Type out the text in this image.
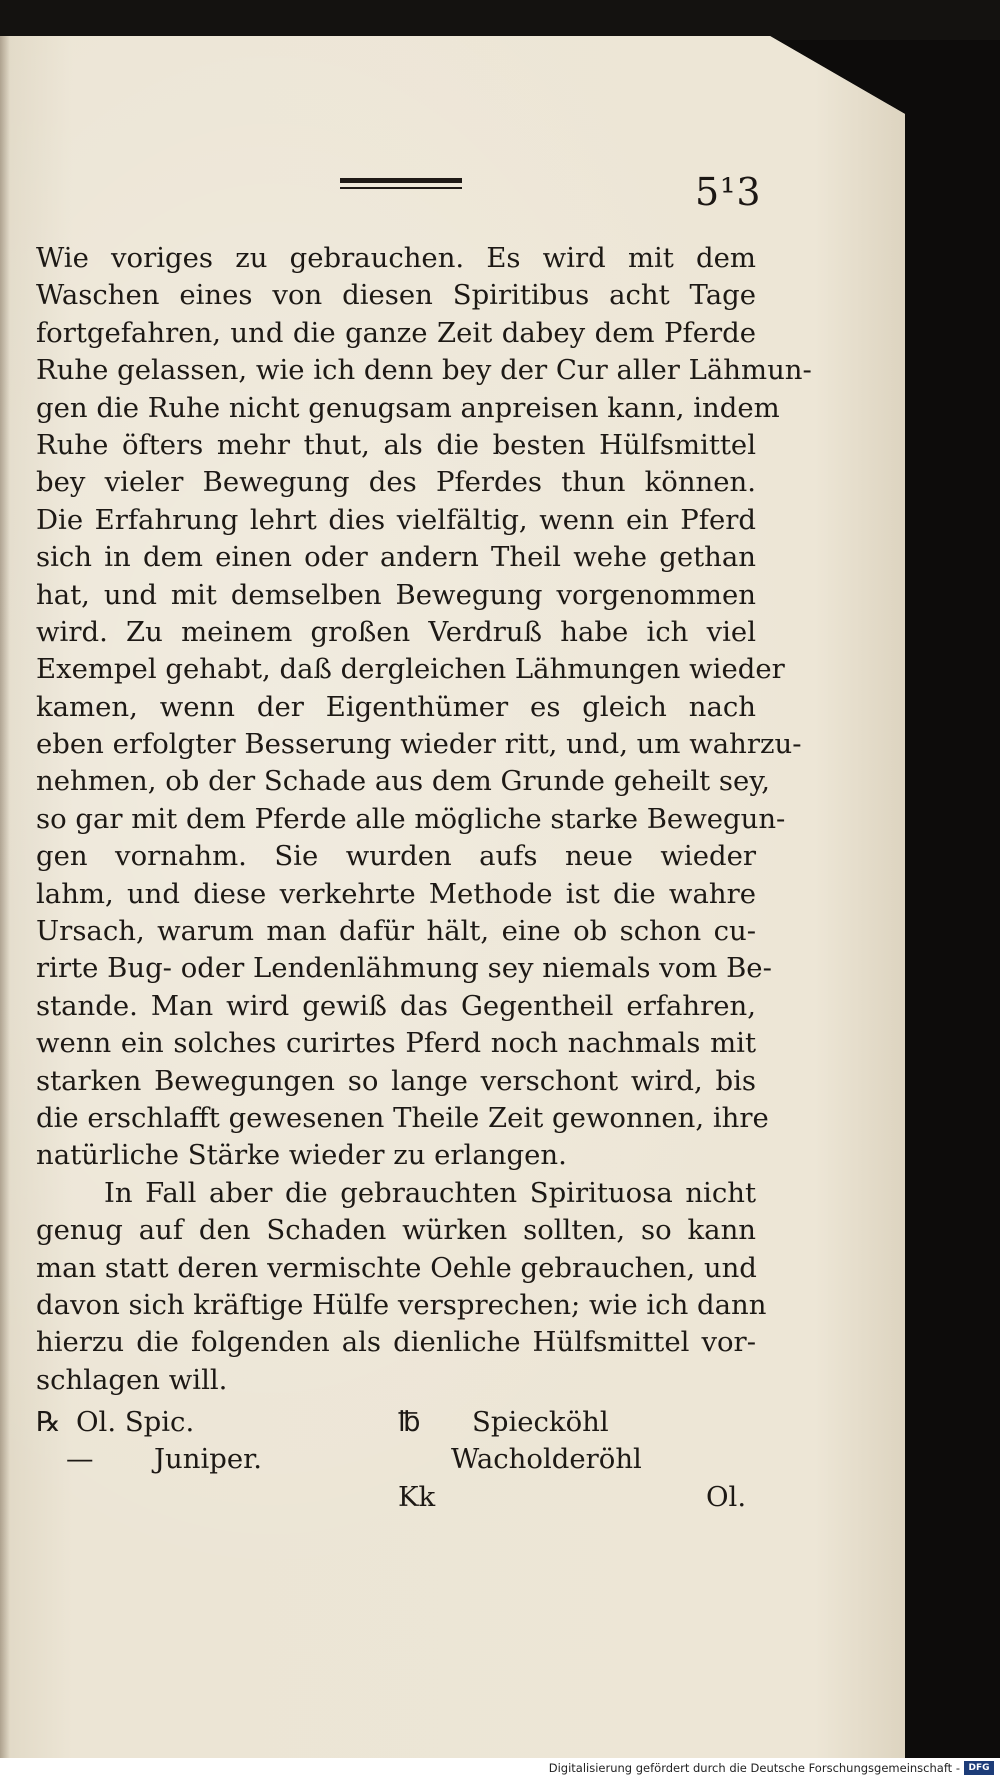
5¹3
Wie voriges zu gebrauchen. Es wird mit dem
Waschen eines von diesen Spiritibus acht Tage
fortgefahren, und die ganze Zeit dabey dem Pferde
Ruhe gelassen, wie ich denn bey der Cur aller Lähmun-
gen die Ruhe nicht genugsam anpreisen kann, indem
Ruhe öfters mehr thut, als die besten Hülfsmittel
bey vieler Bewegung des Pferdes thun können.
Die Erfahrung lehrt dies vielfältig, wenn ein Pferd
sich in dem einen oder andern Theil wehe gethan
hat, und mit demselben Bewegung vorgenommen
wird. Zu meinem großen Verdruß habe ich viel
Exempel gehabt, daß dergleichen Lähmungen wieder
kamen, wenn der Eigenthümer es gleich nach
eben erfolgter Besserung wieder ritt, und, um wahrzu-
nehmen, ob der Schade aus dem Grunde geheilt sey,
so gar mit dem Pferde alle mögliche starke Bewegun-
gen vornahm. Sie wurden aufs neue wieder
lahm, und diese verkehrte Methode ist die wahre
Ursach, warum man dafür hält, eine ob schon cu-
rirte Bug- oder Lendenlähmung sey niemals vom Be-
stande. Man wird gewiß das Gegentheil erfahren,
wenn ein solches curirtes Pferd noch nachmals mit
starken Bewegungen so lange verschont wird, bis
die erschlafft gewesenen Theile Zeit gewonnen, ihre
natürliche Stärke wieder zu erlangen.
In Fall aber die gebrauchten Spirituosa nicht
genug auf den Schaden würken sollten, so kann
man statt deren vermischte Oehle gebrauchen, und
davon sich kräftige Hülfe versprechen; wie ich dann
hierzu die folgenden als dienliche Hülfsmittel vor-
schlagen will.
℞ Ol. Spic.	℔ Spiecköhl
— Juniper.	Wacholderöhl
Kk	Ol.
Digitalisierung gefördert durch die Deutsche Forschungsgemeinschaft - DFG
